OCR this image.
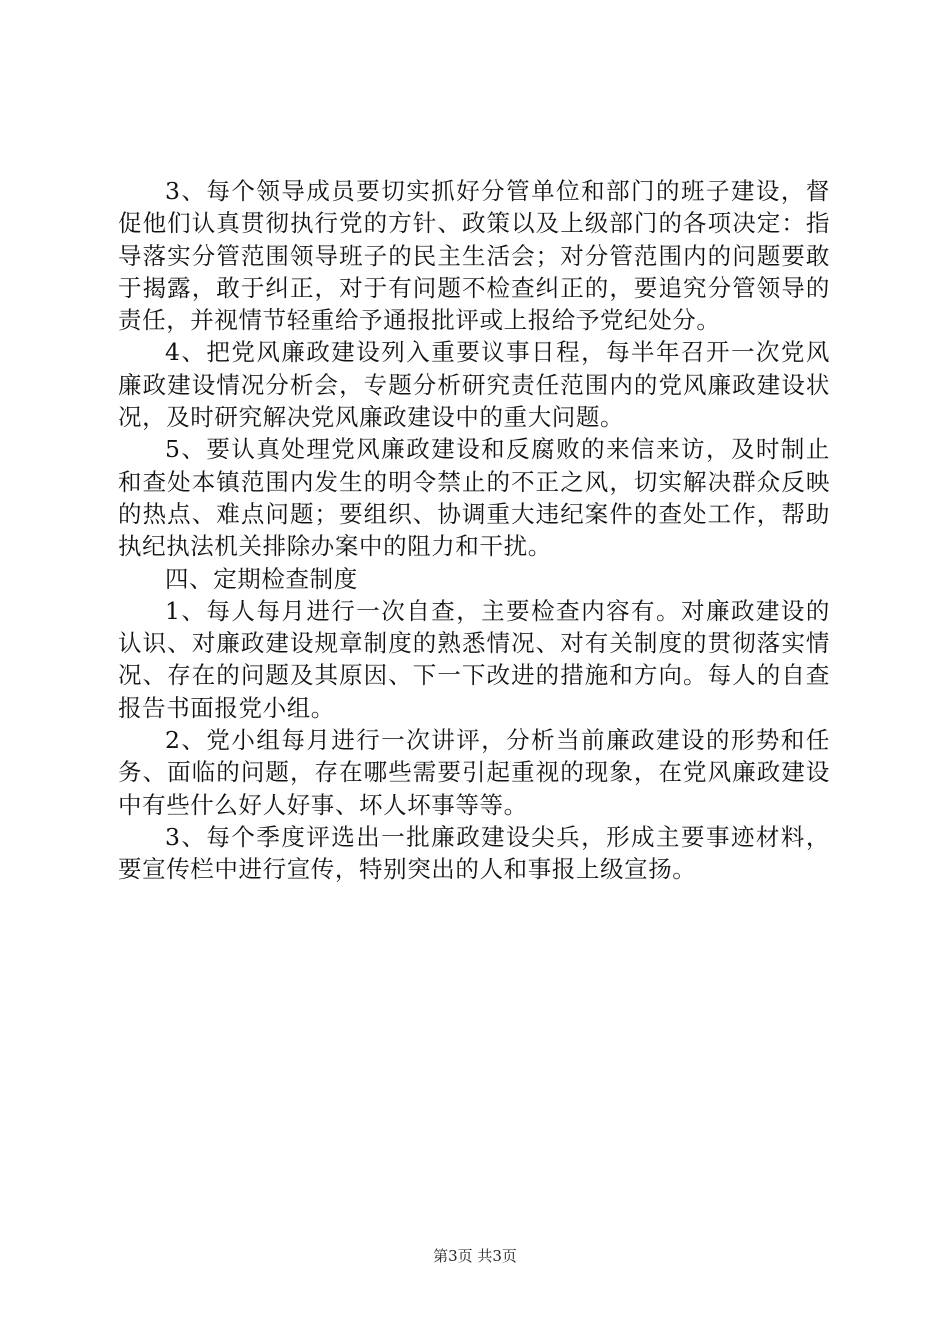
3、每个领导成员要切实抓好分管单位和部门的班子建设，督促他们认真贯彻执行党的方针、政策以及上级部门的各项决定：指导落实分管范围领导班子的民主生活会；对分管范围内的问题要敢于揭露，敢于纠正，对于有问题不检查纠正的，要追究分管领导的责任，并视情节轻重给予通报批评或上报给予党纪处分。

4、把党风廉政建设列入重要议事日程，每半年召开一次党风廉政建设情况分析会，专题分析研究责任范围内的党风廉政建设状况，及时研究解决党风廉政建设中的重大问题。

5、要认真处理党风廉政建设和反腐败的来信来访，及时制止和查处本镇范围内发生的明令禁止的不正之风，切实解决群众反映的热点、难点问题；要组织、协调重大违纪案件的查处工作，帮助执纪执法机关排除办案中的阻力和干扰。

四、定期检查制度

1、每人每月进行一次自查，主要检查内容有。对廉政建设的认识、对廉政建设规章制度的熟悉情况、对有关制度的贯彻落实情况、存在的问题及其原因、下一下改进的措施和方向。每人的自查报告书面报党小组。

2、党小组每月进行一次讲评，分析当前廉政建设的形势和任务、面临的问题，存在哪些需要引起重视的现象，在党风廉政建设中有些什么好人好事、坏人坏事等等。

3、每个季度评选出一批廉政建设尖兵，形成主要事迹材料，要宣传栏中进行宣传，特别突出的人和事报上级宣扬。

第3页 共3页
